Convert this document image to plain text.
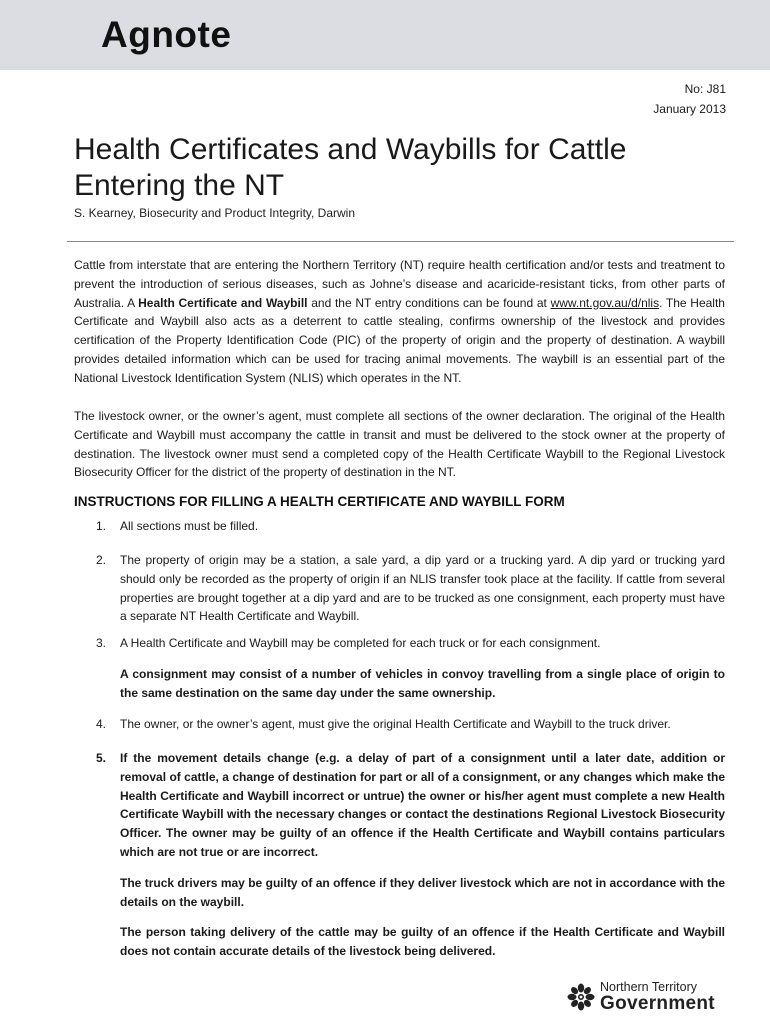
Agnote
No: J81
January 2013
Health Certificates and Waybills for Cattle Entering the NT
S. Kearney, Biosecurity and Product Integrity, Darwin

Cattle from interstate that are entering the Northern Territory (NT) require health certification and/or tests and treatment to prevent the introduction of serious diseases, such as Johne’s disease and acaricide-resistant ticks, from other parts of Australia. A Health Certificate and Waybill and the NT entry conditions can be found at www.nt.gov.au/d/nlis. The Health Certificate and Waybill also acts as a deterrent to cattle stealing, confirms ownership of the livestock and provides certification of the Property Identification Code (PIC) of the property of origin and the property of destination. A waybill provides detailed information which can be used for tracing animal movements. The waybill is an essential part of the National Livestock Identification System (NLIS) which operates in the NT.

The livestock owner, or the owner’s agent, must complete all sections of the owner declaration. The original of the Health Certificate and Waybill must accompany the cattle in transit and must be delivered to the stock owner at the property of destination. The livestock owner must send a completed copy of the Health Certificate Waybill to the Regional Livestock Biosecurity Officer for the district of the property of destination in the NT.

INSTRUCTIONS FOR FILLING A HEALTH CERTIFICATE AND WAYBILL FORM
1. All sections must be filled.
2. The property of origin may be a station, a sale yard, a dip yard or a trucking yard. A dip yard or trucking yard should only be recorded as the property of origin if an NLIS transfer took place at the facility. If cattle from several properties are brought together at a dip yard and are to be trucked as one consignment, each property must have a separate NT Health Certificate and Waybill.
3. A Health Certificate and Waybill may be completed for each truck or for each consignment.
A consignment may consist of a number of vehicles in convoy travelling from a single place of origin to the same destination on the same day under the same ownership.
4. The owner, or the owner’s agent, must give the original Health Certificate and Waybill to the truck driver.
5. If the movement details change (e.g. a delay of part of a consignment until a later date, addition or removal of cattle, a change of destination for part or all of a consignment, or any changes which make the Health Certificate and Waybill incorrect or untrue) the owner or his/her agent must complete a new Health Certificate Waybill with the necessary changes or contact the destinations Regional Livestock Biosecurity Officer. The owner may be guilty of an offence if the Health Certificate and Waybill contains particulars which are not true or are incorrect.
The truck drivers may be guilty of an offence if they deliver livestock which are not in accordance with the details on the waybill.
The person taking delivery of the cattle may be guilty of an offence if the Health Certificate and Waybill does not contain accurate details of the livestock being delivered.
Northern Territory
Government
